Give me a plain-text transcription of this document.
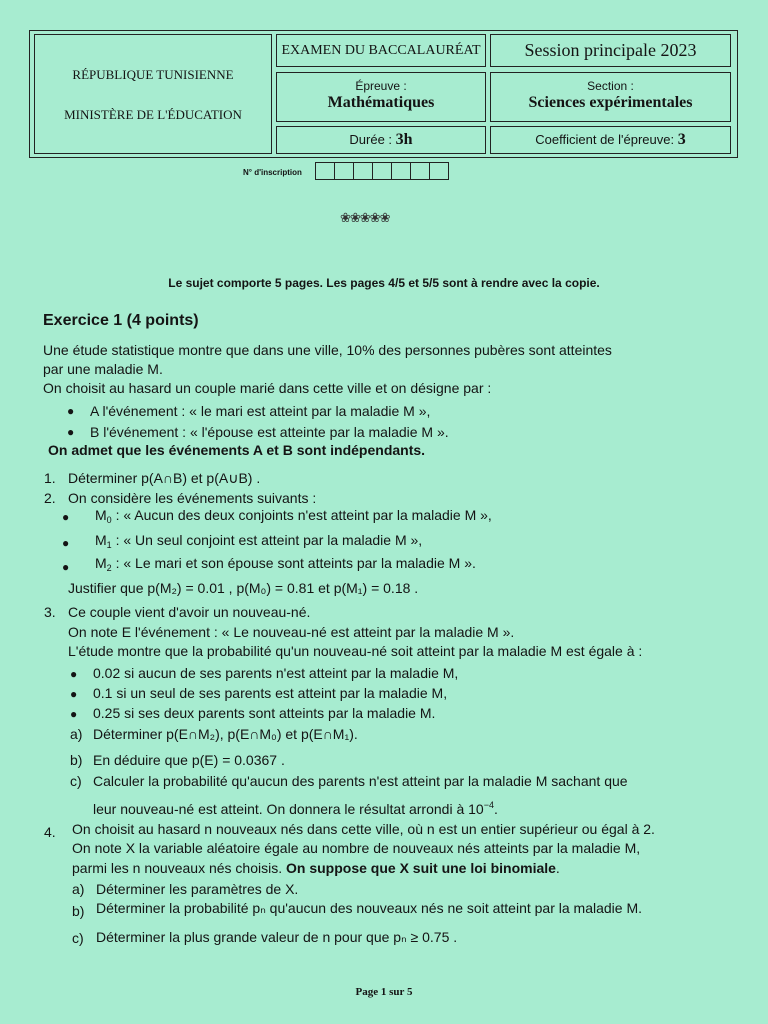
RÉPUBLIQUE TUNISIENNE
MINISTÈRE DE L'ÉDUCATION
EXAMEN DU BACCALAURÉAT	Session principale 2023
Épreuve :
Mathématiques
Section :
Sciences expérimentales
Durée : 3h	Coefficient de l'épreuve: 3
N° d'inscription
❀❀❀❀❀
Le sujet comporte 5 pages. Les pages 4/5 et 5/5 sont à rendre avec la copie.
Exercice 1 (4 points)
Une étude statistique montre que dans une ville, 10% des personnes pubères sont atteintes
par une maladie M.
On choisit au hasard un couple marié dans cette ville et on désigne par :
● A l'événement : « le mari est atteint par la maladie M »,
● B l'événement : « l'épouse est atteinte par la maladie M ».
On admet que les événements A et B sont indépendants.
1. Déterminer p(A∩B) et p(A∪B) .
2. On considère les événements suivants :
● $M_0$ : « Aucun des deux conjoints n'est atteint par la maladie M »,
● $M_1$ : « Un seul conjoint est atteint par la maladie M »,
● $M_2$ : « Le mari et son épouse sont atteints par la maladie M ».
Justifier que p(M₂) = 0.01 , p(M₀) = 0.81 et p(M₁) = 0.18 .
3. Ce couple vient d'avoir un nouveau-né.
On note E l'événement : « Le nouveau-né est atteint par la maladie M ».
L'étude montre que la probabilité qu'un nouveau-né soit atteint par la maladie M est égale à :
● 0.02 si aucun de ses parents n'est atteint par la maladie M,
● 0.1 si un seul de ses parents est atteint par la maladie M,
● 0.25 si ses deux parents sont atteints par la maladie M.
a) Déterminer p(E∩M₂), p(E∩M₀) et p(E∩M₁).
b) En déduire que p(E) = 0.0367 .
c) Calculer la probabilité qu'aucun des parents n'est atteint par la maladie M sachant que
leur nouveau-né est atteint. On donnera le résultat arrondi à $10^{-4}$.
4. On choisit au hasard n nouveaux nés dans cette ville, où n est un entier supérieur ou égal à 2.
On note X la variable aléatoire égale au nombre de nouveaux nés atteints par la maladie M,
parmi les n nouveaux nés choisis. On suppose que X suit une loi binomiale.
a) Déterminer les paramètres de X.
b) Déterminer la probabilité pₙ qu'aucun des nouveaux nés ne soit atteint par la maladie M.
c) Déterminer la plus grande valeur de n pour que pₙ ≥ 0.75 .
Page 1 sur 5
